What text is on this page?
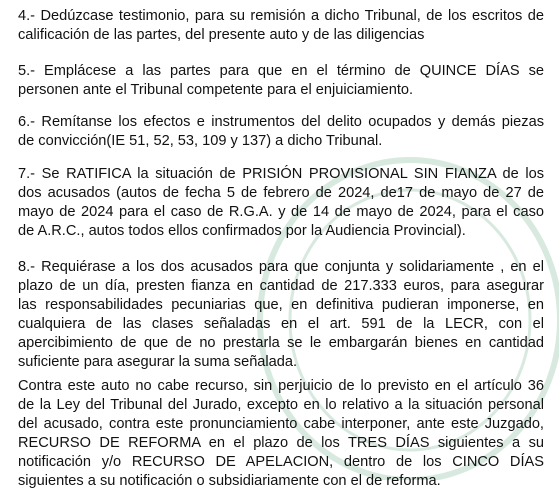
4.- Dedúzcase testimonio, para su remisión a dicho Tribunal, de los escritos de
calificación de las partes, del presente auto y de las diligencias
5.- Emplácese a las partes para que en el término de QUINCE DÍAS se
personen ante el Tribunal competente para el enjuiciamiento.
6.- Remítanse los efectos e instrumentos del delito ocupados y demás piezas
de convicción(IE 51, 52, 53, 109 y 137) a dicho Tribunal.
7.- Se RATIFICA la situación de PRISIÓN PROVISIONAL SIN FIANZA de los
dos acusados (autos de fecha 5 de febrero de 2024, de17 de mayo de 27 de
mayo de 2024 para el caso de R.G.A. y de 14 de mayo de 2024, para el caso
de A.R.C., autos todos ellos confirmados por la Audiencia Provincial).
8.- Requiérase a los dos acusados para que conjunta y solidariamente , en el
plazo de un día, presten fianza en cantidad de 217.333 euros, para asegurar
las responsabilidades pecuniarias que, en definitiva pudieran imponerse, en
cualquiera de las clases señaladas en el art. 591 de la LECR, con el
apercibimiento de que de no prestarla se le embargarán bienes en cantidad
suficiente para asegurar la suma señalada.
Contra este auto no cabe recurso, sin perjuicio de lo previsto en el artículo 36
de la Ley del Tribunal del Jurado, excepto en lo relativo a la situación personal
del acusado, contra este pronunciamiento cabe interponer, ante este Juzgado,
RECURSO DE REFORMA en el plazo de los TRES DÍAS siguientes a su
notificación y/o RECURSO DE APELACION, dentro de los CINCO DÍAS
siguientes a su notificación o subsidiariamente con el de reforma.
